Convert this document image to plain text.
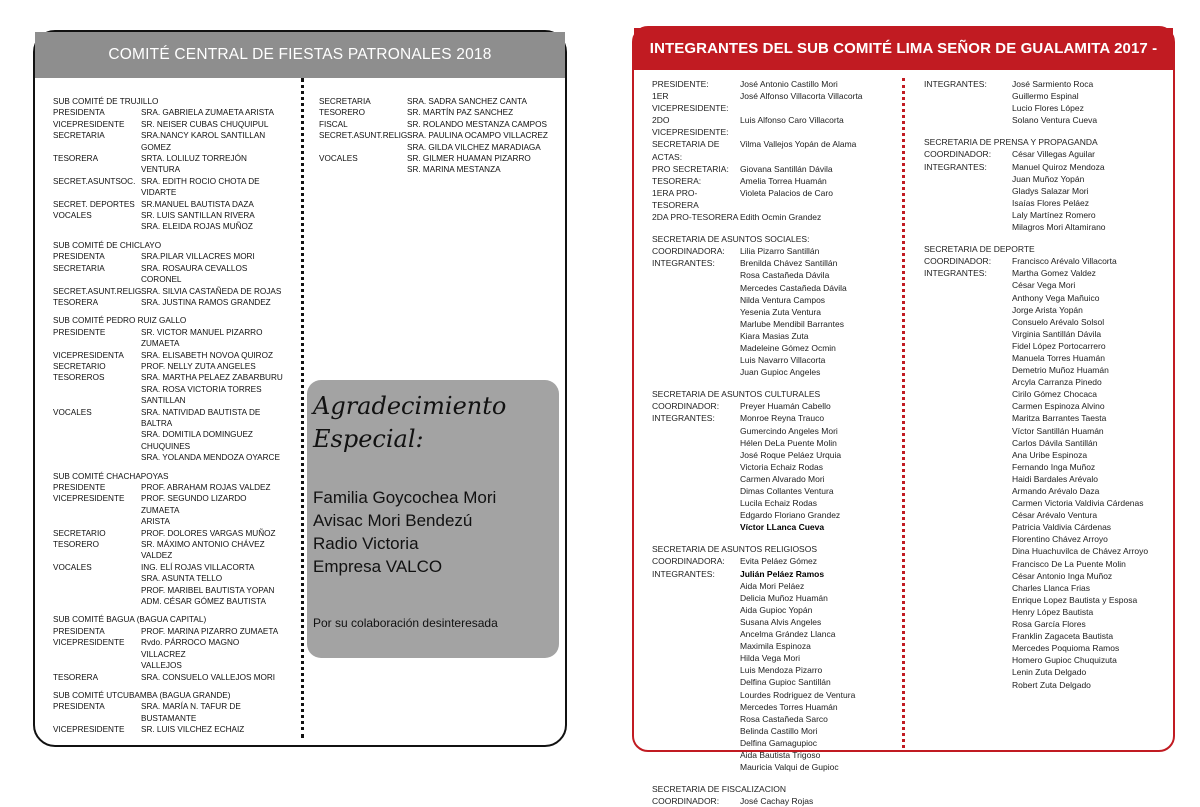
COMITÉ CENTRAL DE FIESTAS PATRONALES 2018
SUB COMITÉ DE TRUJILLO
PRESIDENTA	SRA. GABRIELA ZUMAETA ARISTA
VICEPRESIDENTE	SR. NEISER CUBAS CHUQUIPUL
SECRETARIA	SRA.NANCY KAROL SANTILLAN
GOMEZ
TESORERA	SRTA. LOLILUZ TORREJÓN VENTURA
SECRET.ASUNTSOC. SRA. EDITH ROCIO CHOTA DE VIDARTE
SECRET. DEPORTES SR.MANUEL BAUTISTA DAZA
VOCALES	SR. LUIS SANTILLAN RIVERA
SRA. ELEIDA ROJAS MUÑOZ
SUB COMITÉ DE CHICLAYO
PRESIDENTA	SRA.PILAR VILLACRES MORI
SECRETARIA	SRA. ROSAURA CEVALLOS CORONEL
SECRET.ASUNT.RELIG.
SRA. SILVIA CASTAÑEDA DE ROJAS
TESORERA	SRA. JUSTINA RAMOS GRANDEZ
SUB COMITÉ PEDRO RUIZ GALLO
PRESIDENTE	SR. VICTOR MANUEL PIZARRO
ZUMAETA
VICEPRESIDENTA	SRA. ELISABETH NOVOA QUIROZ
SECRETARIO	PROF. NELLY ZUTA ANGELES
TESOREROS	SRA. MARTHA PELAEZ ZABARBURU
SRA. ROSA VICTORIA TORRES
SANTILLAN
VOCALES	SRA. NATIVIDAD BAUTISTA DE BALTRA
SRA. DOMITILA DOMINGUEZ
CHUQUINES
SRA. YOLANDA MENDOZA OYARCE
SUB COMITÉ CHACHAPOYAS
PRESIDENTE	PROF. ABRAHAM ROJAS VALDEZ
VICEPRESIDENTE	PROF. SEGUNDO LIZARDO ZUMAETA
ARISTA
SECRETARIO	PROF. DOLORES VARGAS MUÑOZ
TESORERO	SR. MÁXIMO ANTONIO CHÁVEZ
VALDEZ
VOCALES	ING. ELÍ ROJAS VILLACORTA
SRA. ASUNTA TELLO
PROF. MARIBEL BAUTISTA YOPAN
ADM. CÉSAR GÓMEZ BAUTISTA
SUB COMITÉ BAGUA (BAGUA CAPITAL)
PRESIDENTA	PROF. MARINA PIZARRO ZUMAETA
VICEPRESIDENTE	Rvdo. PÁRROCO MAGNO VILLACREZ
VALLEJOS
TESORERA	SRA. CONSUELO VALLEJOS MORI
SUB COMITÉ UTCUBAMBA (BAGUA GRANDE)
PRESIDENTA	SRA. MARÍA N. TAFUR DE
BUSTAMANTE
VICEPRESIDENTE	SR. LUIS VILCHEZ ECHAIZ
SECRETARIA	SRA. SADRA SANCHEZ CANTA
TESORERO	SR. MARTÍN PAZ SANCHEZ
FISCAL	SR. ROLANDO MESTANZA CAMPOS
SECRET.ASUNT.RELIG.
SRA. PAULINA OCAMPO VILLACREZ
SRA. GILDA VILCHEZ MARADIAGA
VOCALES	SR. GILMER HUAMAN PIZARRO
SR. MARINA MESTANZA
Agradecimiento
Especial:
Familia Goycochea Mori
Avisac Mori Bendezú
Radio Victoria
Empresa VALCO
Por su colaboración desinteresada
INTEGRANTES DEL SUB COMITÉ LIMA SEÑOR DE GUALAMITA 2017 - 2018
PRESIDENTE:	José Antonio Castillo Mori
1ER VICEPRESIDENTE:
José Alfonso Villacorta Villacorta
2DO VICEPRESIDENTE:
Luis Alfonso Caro Villacorta
SECRETARIA DE ACTAS:
Vilma Vallejos Yopán de Alama
PRO SECRETARIA:	Giovana Santillán Dávila
TESORERA:	Amelia Torrea Huamán
1ERA PRO-TESORERA
Violeta Palacios de Caro
2DA PRO-TESORERA Edith Ocmin Grandez
SECRETARIA DE ASUNTOS SOCIALES:
COORDINADORA:	Lilia Pizarro Santillán
INTEGRANTES:	Brenilda Chávez Santillán
Rosa Castañeda Dávila
Mercedes Castañeda Dávila
Nilda Ventura Campos
Yesenia Zuta Ventura
Marlube Mendibil Barrantes
Kiara Masias Zuta
Madeleine Gómez Ocmin
Luis Navarro Villacorta
Juan Gupioc Angeles
SECRETARIA DE ASUNTOS CULTURALES
COORDINADOR:	Preyer Huamán Cabello
INTEGRANTES:	Monroe Reyna Trauco
Gumercindo Angeles Mori
Hélen DeLa Puente Molin
José Roque Peláez Urquia
Victoria Echaiz Rodas
Carmen Alvarado Mori
Dimas Collantes Ventura
Lucila Echaiz Rodas
Edgardo Floriano Grandez
Víctor LLanca Cueva
SECRETARIA DE ASUNTOS RELIGIOSOS
COORDINADORA:	Evita Peláez Gómez
INTEGRANTES:	Julián Peláez Ramos
Aida Mori Peláez
Delicia Muñoz Huamán
Aida Gupioc Yopán
Susana Alvis Angeles
Ancelma Grández Llanca
Maximila Espinoza
Hilda Vega Mori
Luis Mendoza Pizarro
Delfina Gupioc Santillán
Lourdes Rodriguez de Ventura
Mercedes Torres Huamán
Rosa Castañeda Sarco
Belinda Castillo Mori
Delfina Gamagupioc
Aida Bautista Trigoso
Mauricia Valqui de Gupioc
SECRETARIA DE FISCALIZACION
COORDINADOR:	José Cachay Rojas
INTEGRANTES:	José Sarmiento Roca
Guillermo Espinal
Lucio Flores López
Solano Ventura Cueva
SECRETARIA DE PRENSA Y PROPAGANDA
COORDINADOR:	César Villegas Aguilar
INTEGRANTES:	Manuel Quiroz Mendoza
Juan Muñoz Yopán
Gladys Salazar Mori
Isaías Flores Peláez
Laly Martínez Romero
Milagros Mori Altamirano
SECRETARIA DE DEPORTE
COORDINADOR:	Francisco Arévalo Villacorta
INTEGRANTES:	Martha Gomez Valdez
César Vega Mori
Anthony Vega Mañuico
Jorge Arista Yopán
Consuelo Arévalo Solsol
Virginia Santillán Dávila
Fidel López Portocarrero
Manuela Torres Huamán
Demetrio Muñoz Huamán
Arcyla Carranza Pinedo
Cirilo Gómez Chocaca
Carmen Espinoza Alvino
Maritza Barrantes Taesta
Víctor Santillán Huamán
Carlos Dávila Santillán
Ana Uribe Espinoza
Fernando Inga Muñoz
Haidi Bardales Arévalo
Armando Arévalo Daza
Carmen Victoria Valdivia Cárdenas
César Arévalo Ventura
Patricia Valdivia Cárdenas
Florentino Chávez Arroyo
Dina Huachuvilca de Chávez Arroyo
Francisco De La Puente Molin
César Antonio Inga Muñoz
Charles Llanca Frias
Enrique Lopez Bautista y Esposa
Henry López Bautista
Rosa García Flores
Franklin Zagaceta Bautista
Mercedes Poquioma Ramos
Homero Gupioc Chuquizuta
Lenin Zuta Delgado
Robert Zuta Delgado
